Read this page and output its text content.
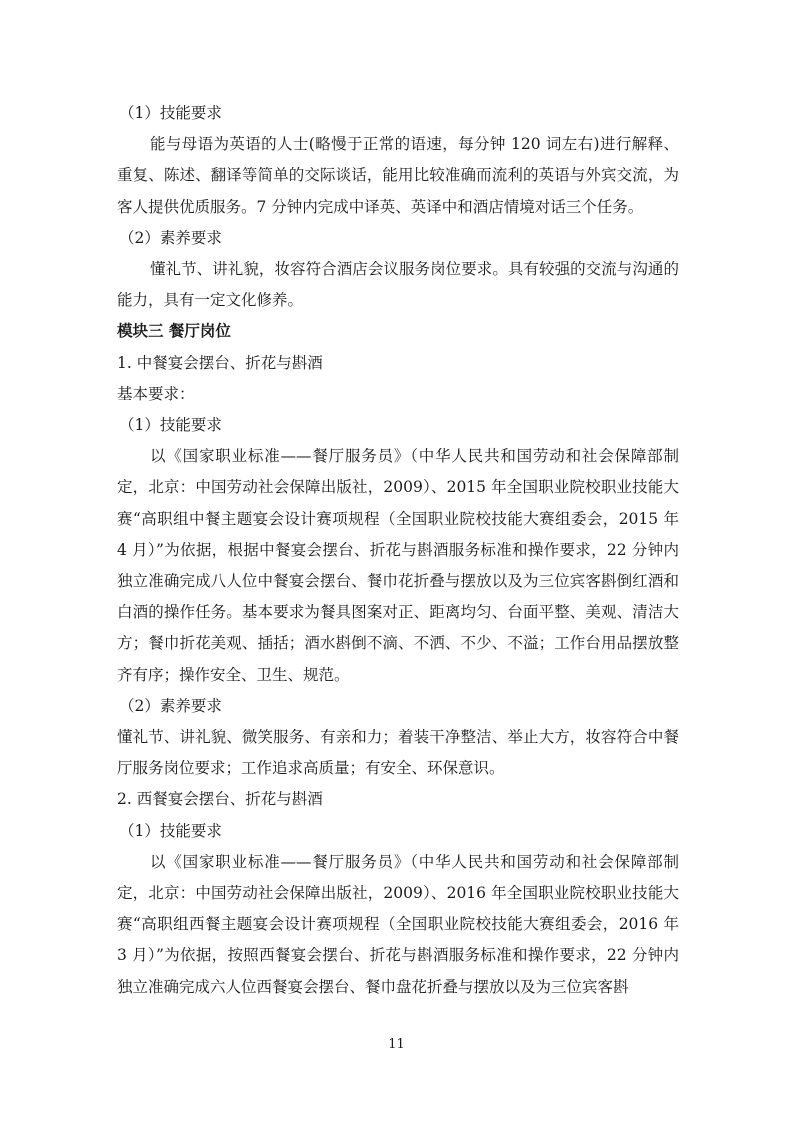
（1）技能要求

能与母语为英语的人士(略慢于正常的语速，每分钟 120 词左右)进行解释、重复、陈述、翻译等简单的交际谈话，能用比较准确而流利的英语与外宾交流，为客人提供优质服务。7 分钟内完成中译英、英译中和酒店情境对话三个任务。

（2）素养要求

懂礼节、讲礼貌，妆容符合酒店会议服务岗位要求。具有较强的交流与沟通的能力，具有一定文化修养。

模块三 餐厅岗位

1. 中餐宴会摆台、折花与斟酒

基本要求：

（1）技能要求

以《国家职业标准——餐厅服务员》（中华人民共和国劳动和社会保障部制定，北京：中国劳动社会保障出版社，2009）、2015 年全国职业院校职业技能大赛“高职组中餐主题宴会设计赛项规程（全国职业院校技能大赛组委会，2015 年 4 月）”为依据，根据中餐宴会摆台、折花与斟酒服务标准和操作要求，22 分钟内独立准确完成八人位中餐宴会摆台、餐巾花折叠与摆放以及为三位宾客斟倒红酒和白酒的操作任务。基本要求为餐具图案对正、距离均匀、台面平整、美观、清洁大方；餐巾折花美观、插括；酒水斟倒不滴、不洒、不少、不溢；工作台用品摆放整齐有序；操作安全、卫生、规范。

（2）素养要求

懂礼节、讲礼貌、微笑服务、有亲和力；着装干净整洁、举止大方，妆容符合中餐厅服务岗位要求；工作追求高质量；有安全、环保意识。

2. 西餐宴会摆台、折花与斟酒

（1）技能要求

以《国家职业标准——餐厅服务员》（中华人民共和国劳动和社会保障部制定，北京：中国劳动社会保障出版社，2009）、2016 年全国职业院校职业技能大赛“高职组西餐主题宴会设计赛项规程（全国职业院校技能大赛组委会，2016 年 3 月）”为依据，按照西餐宴会摆台、折花与斟酒服务标准和操作要求，22 分钟内独立准确完成六人位西餐宴会摆台、餐巾盘花折叠与摆放以及为三位宾客斟

11
